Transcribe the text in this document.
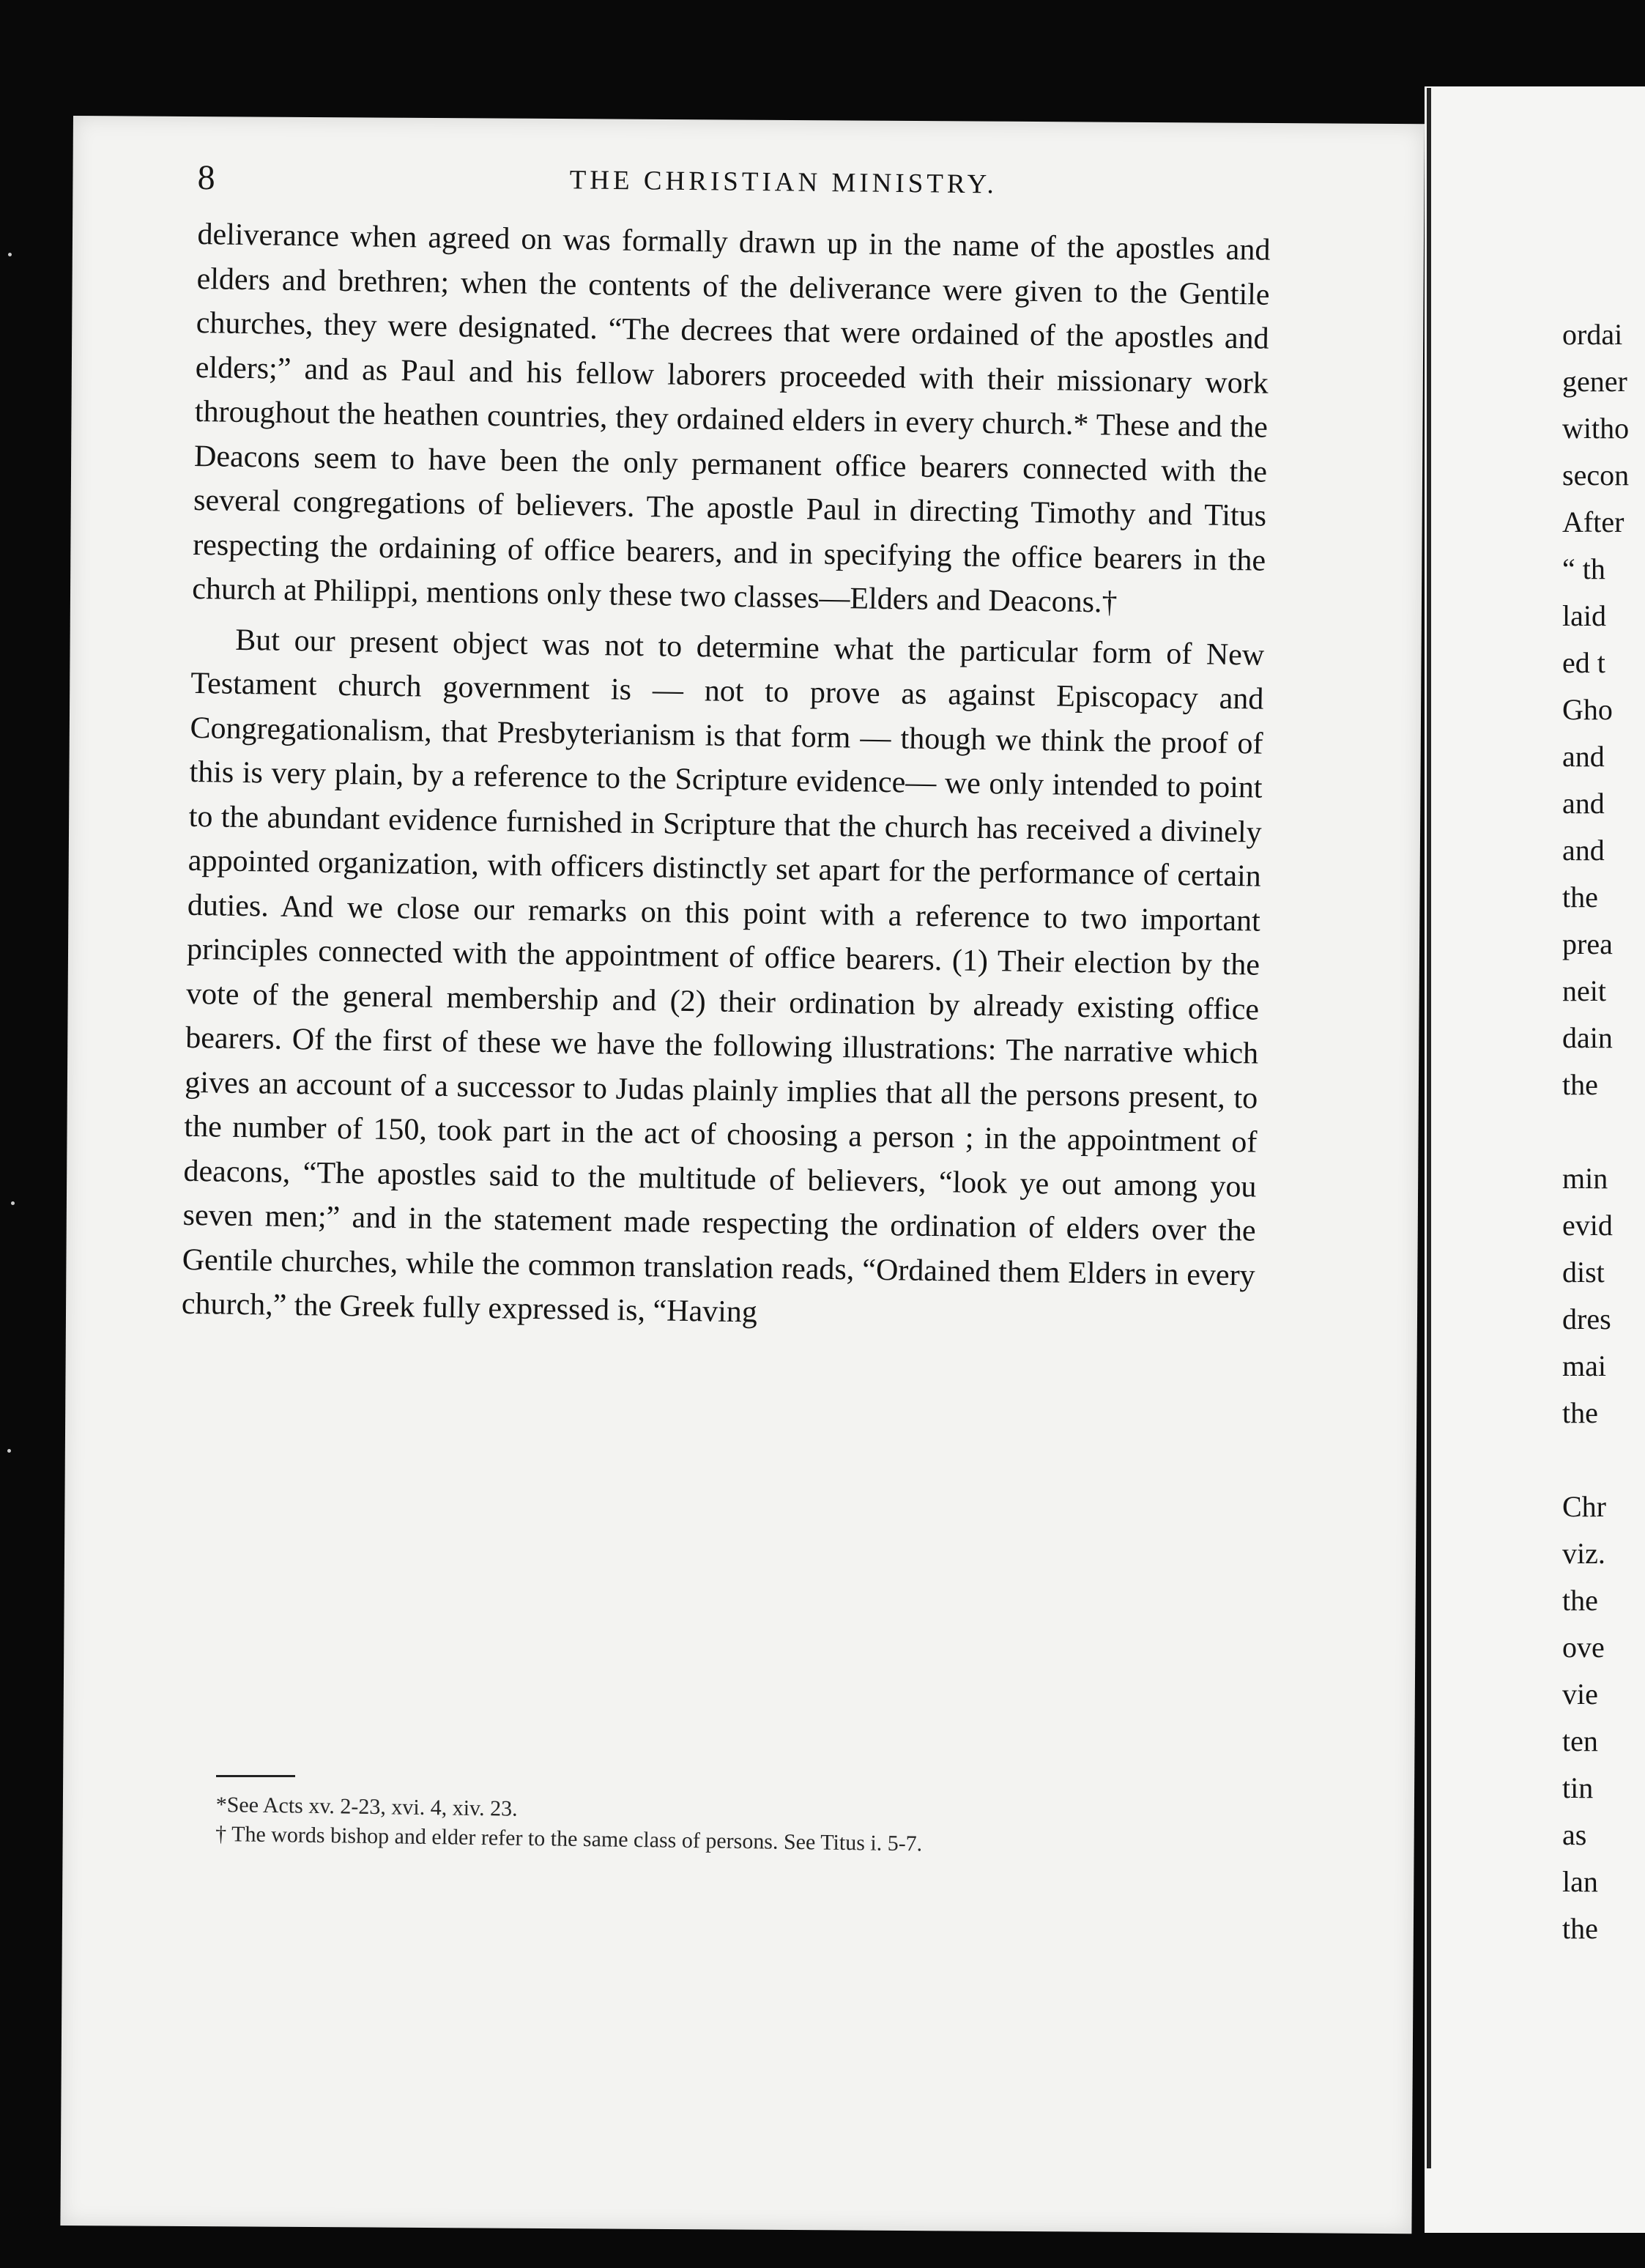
8	THE CHRISTIAN MINISTRY.

deliverance when agreed on was formally drawn up in the name of the apostles and elders and brethren; when the contents of the deliverance were given to the Gentile churches, they were designated. “The decrees that were ordained of the apostles and elders;” and as Paul and his fellow laborers proceeded with their missionary work throughout the heathen countries, they ordained elders in every church.* These and the Deacons seem to have been the only permanent office bearers connected with the several congregations of believers. The apostle Paul in directing Timothy and Titus respecting the ordaining of office bearers, and in specifying the office bearers in the church at Philippi, mentions only these two classes—Elders and Deacons.†

But our present object was not to determine what the particular form of New Testament church government is — not to prove as against Episcopacy and Congregationalism, that Presbyterianism is that form — though we think the proof of this is very plain, by a reference to the Scripture evidence— we only intended to point to the abundant evidence furnished in Scripture that the church has received a divinely appointed organization, with officers distinctly set apart for the performance of certain duties. And we close our remarks on this point with a reference to two important principles connected with the appointment of office bearers. (1) Their election by the vote of the general membership and (2) their ordination by already existing office bearers. Of the first of these we have the following illustrations: The narrative which gives an account of a successor to Judas plainly implies that all the persons present, to the number of 150, took part in the act of choosing a person ; in the appointment of deacons, “The apostles said to the multitude of believers, “look ye out among you seven men;” and in the statement made respecting the ordination of elders over the Gentile churches, while the common translation reads, “Ordained them Elders in every church,” the Greek fully expressed is, “Having

*See Acts xv. 2-23, xvi. 4, xiv. 23.
† The words bishop and elder refer to the same class of persons. See Titus i. 5-7.
ordai
gener
witho
secon
After
“ th
laid
ed t
Gho
and
and
and
the
prea
neit
dain
the
min
evid
dist
dres
mai
the
Chr
viz.
the
ove
vie
ten
tin
as
lan
the
